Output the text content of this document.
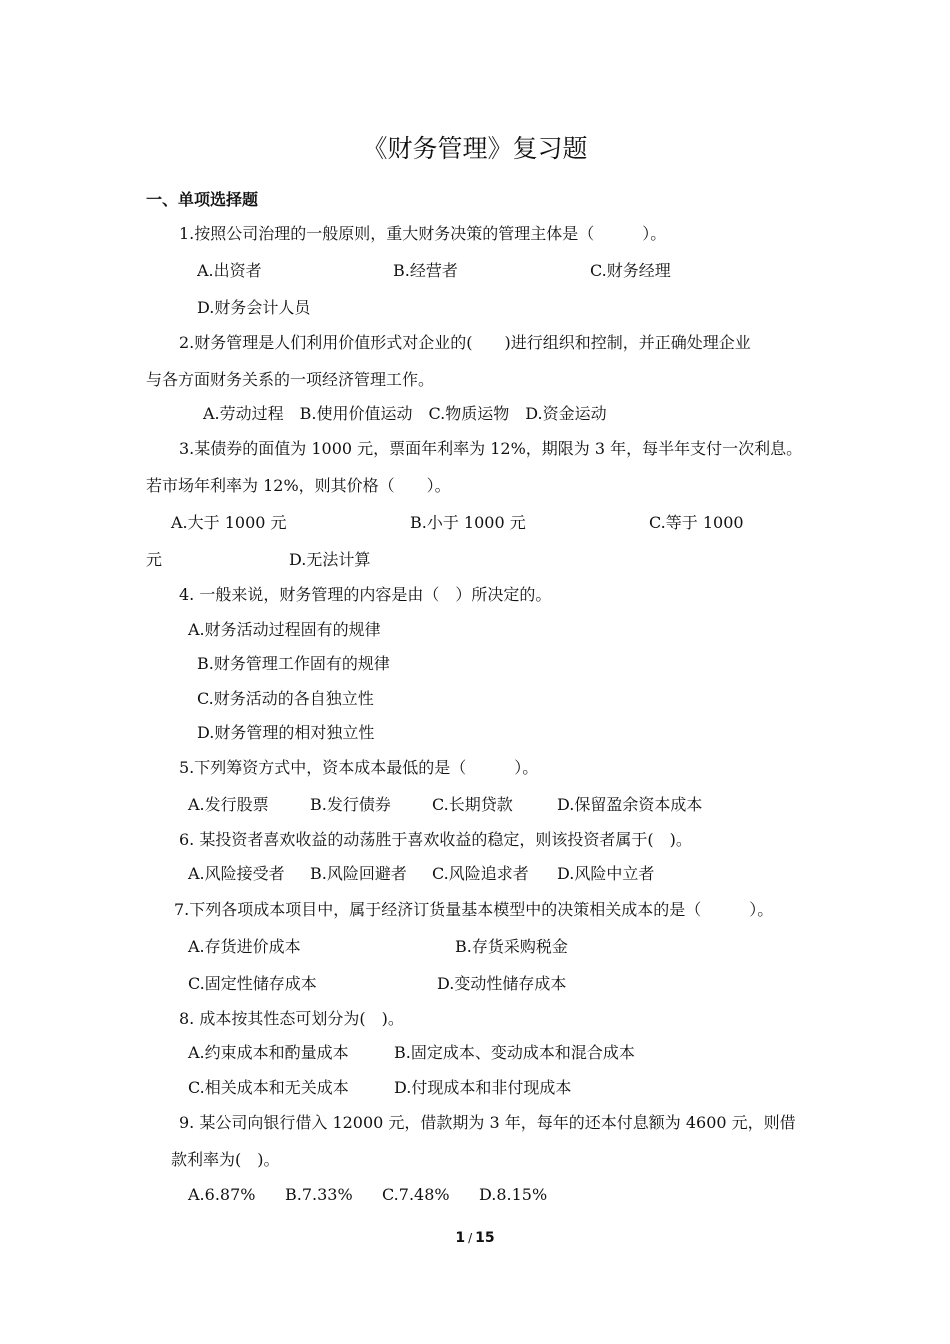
《财务管理》复习题
一、单项选择题
1.按照公司治理的一般原则，重大财务决策的管理主体是（　　　）。
A.出资者	B.经营者	C.财务经理
D.财务会计人员
2.财务管理是人们利用价值形式对企业的(　　)进行组织和控制，并正确处理企业
与各方面财务关系的一项经济管理工作。
A.劳动过程　B.使用价值运动　C.物质运物　D.资金运动
3.某债券的面值为 1000 元，票面年利率为 12%，期限为 3 年，每半年支付一次利息。
若市场年利率为 12%，则其价格（　　）。
A.大于 1000 元	B.小于 1000 元	C.等于 1000
元	D.无法计算
4. 一般来说，财务管理的内容是由（　）所决定的。
A.财务活动过程固有的规律
B.财务管理工作固有的规律
C.财务活动的各自独立性
D.财务管理的相对独立性
5.下列筹资方式中，资本成本最低的是（　　　）。
A.发行股票	B.发行债券	C.长期贷款	D.保留盈余资本成本
6. 某投资者喜欢收益的动荡胜于喜欢收益的稳定，则该投资者属于(　)。
A.风险接受者 B.风险回避者 C.风险追求者 D.风险中立者
7.下列各项成本项目中，属于经济订货量基本模型中的决策相关成本的是（　　　）。
A.存货进价成本	B.存货采购税金
C.固定性储存成本	D.变动性储存成本
8. 成本按其性态可划分为(　)。
A.约束成本和酌量成本	B.固定成本、变动成本和混合成本
C.相关成本和无关成本	D.付现成本和非付现成本
9. 某公司向银行借入 12000 元，借款期为 3 年，每年的还本付息额为 4600 元，则借
款利率为(　)。
A.6.87% B.7.33% C.7.48% D.8.15%
1 / 15
